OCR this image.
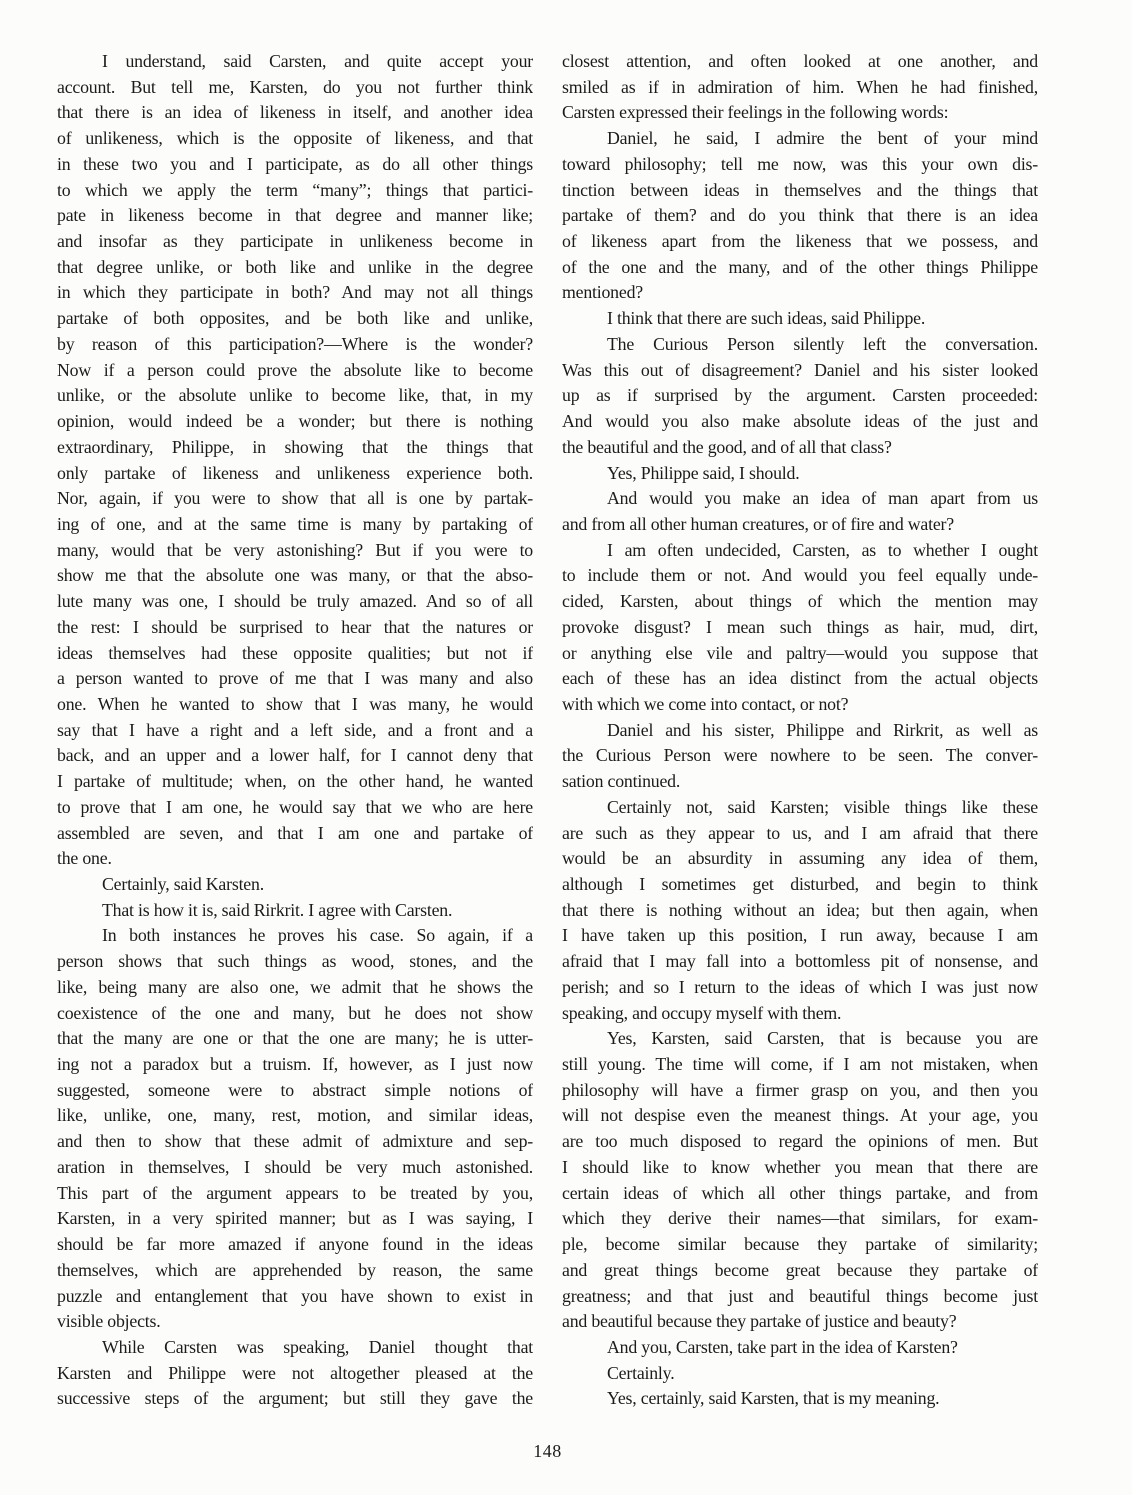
I understand, said Carsten, and quite accept your
account. But tell me, Karsten, do you not further think
that there is an idea of likeness in itself, and another idea
of unlikeness, which is the opposite of likeness, and that
in these two you and I participate, as do all other things
to which we apply the term “many”; things that partici-
pate in likeness become in that degree and manner like;
and insofar as they participate in unlikeness become in
that degree unlike, or both like and unlike in the degree
in which they participate in both? And may not all things
partake of both opposites, and be both like and unlike,
by reason of this participation?—Where is the wonder?
Now if a person could prove the absolute like to become
unlike, or the absolute unlike to become like, that, in my
opinion, would indeed be a wonder; but there is nothing
extraordinary, Philippe, in showing that the things that
only partake of likeness and unlikeness experience both.
Nor, again, if you were to show that all is one by partak-
ing of one, and at the same time is many by partaking of
many, would that be very astonishing? But if you were to
show me that the absolute one was many, or that the abso-
lute many was one, I should be truly amazed. And so of all
the rest: I should be surprised to hear that the natures or
ideas themselves had these opposite qualities; but not if
a person wanted to prove of me that I was many and also
one. When he wanted to show that I was many, he would
say that I have a right and a left side, and a front and a
back, and an upper and a lower half, for I cannot deny that
I partake of multitude; when, on the other hand, he wanted
to prove that I am one, he would say that we who are here
assembled are seven, and that I am one and partake of
the one.
Certainly, said Karsten.
That is how it is, said Rirkrit. I agree with Carsten.
In both instances he proves his case. So again, if a
person shows that such things as wood, stones, and the
like, being many are also one, we admit that he shows the
coexistence of the one and many, but he does not show
that the many are one or that the one are many; he is utter-
ing not a paradox but a truism. If, however, as I just now
suggested, someone were to abstract simple notions of
like, unlike, one, many, rest, motion, and similar ideas,
and then to show that these admit of admixture and sep-
aration in themselves, I should be very much astonished.
This part of the argument appears to be treated by you,
Karsten, in a very spirited manner; but as I was saying, I
should be far more amazed if anyone found in the ideas
themselves, which are apprehended by reason, the same
puzzle and entanglement that you have shown to exist in
visible objects.
While Carsten was speaking, Daniel thought that
Karsten and Philippe were not altogether pleased at the
successive steps of the argument; but still they gave the
closest attention, and often looked at one another, and
smiled as if in admiration of him. When he had finished,
Carsten expressed their feelings in the following words:
Daniel, he said, I admire the bent of your mind
toward philosophy; tell me now, was this your own dis-
tinction between ideas in themselves and the things that
partake of them? and do you think that there is an idea
of likeness apart from the likeness that we possess, and
of the one and the many, and of the other things Philippe
mentioned?
I think that there are such ideas, said Philippe.
The Curious Person silently left the conversation.
Was this out of disagreement? Daniel and his sister looked
up as if surprised by the argument. Carsten proceeded:
And would you also make absolute ideas of the just and
the beautiful and the good, and of all that class?
Yes, Philippe said, I should.
And would you make an idea of man apart from us
and from all other human creatures, or of fire and water?
I am often undecided, Carsten, as to whether I ought
to include them or not. And would you feel equally unde-
cided, Karsten, about things of which the mention may
provoke disgust? I mean such things as hair, mud, dirt,
or anything else vile and paltry—would you suppose that
each of these has an idea distinct from the actual objects
with which we come into contact, or not?
Daniel and his sister, Philippe and Rirkrit, as well as
the Curious Person were nowhere to be seen. The conver-
sation continued.
Certainly not, said Karsten; visible things like these
are such as they appear to us, and I am afraid that there
would be an absurdity in assuming any idea of them,
although I sometimes get disturbed, and begin to think
that there is nothing without an idea; but then again, when
I have taken up this position, I run away, because I am
afraid that I may fall into a bottomless pit of nonsense, and
perish; and so I return to the ideas of which I was just now
speaking, and occupy myself with them.
Yes, Karsten, said Carsten, that is because you are
still young. The time will come, if I am not mistaken, when
philosophy will have a firmer grasp on you, and then you
will not despise even the meanest things. At your age, you
are too much disposed to regard the opinions of men. But
I should like to know whether you mean that there are
certain ideas of which all other things partake, and from
which they derive their names—that similars, for exam-
ple, become similar because they partake of similarity;
and great things become great because they partake of
greatness; and that just and beautiful things become just
and beautiful because they partake of justice and beauty?
And you, Carsten, take part in the idea of Karsten?
Certainly.
Yes, certainly, said Karsten, that is my meaning.
148
